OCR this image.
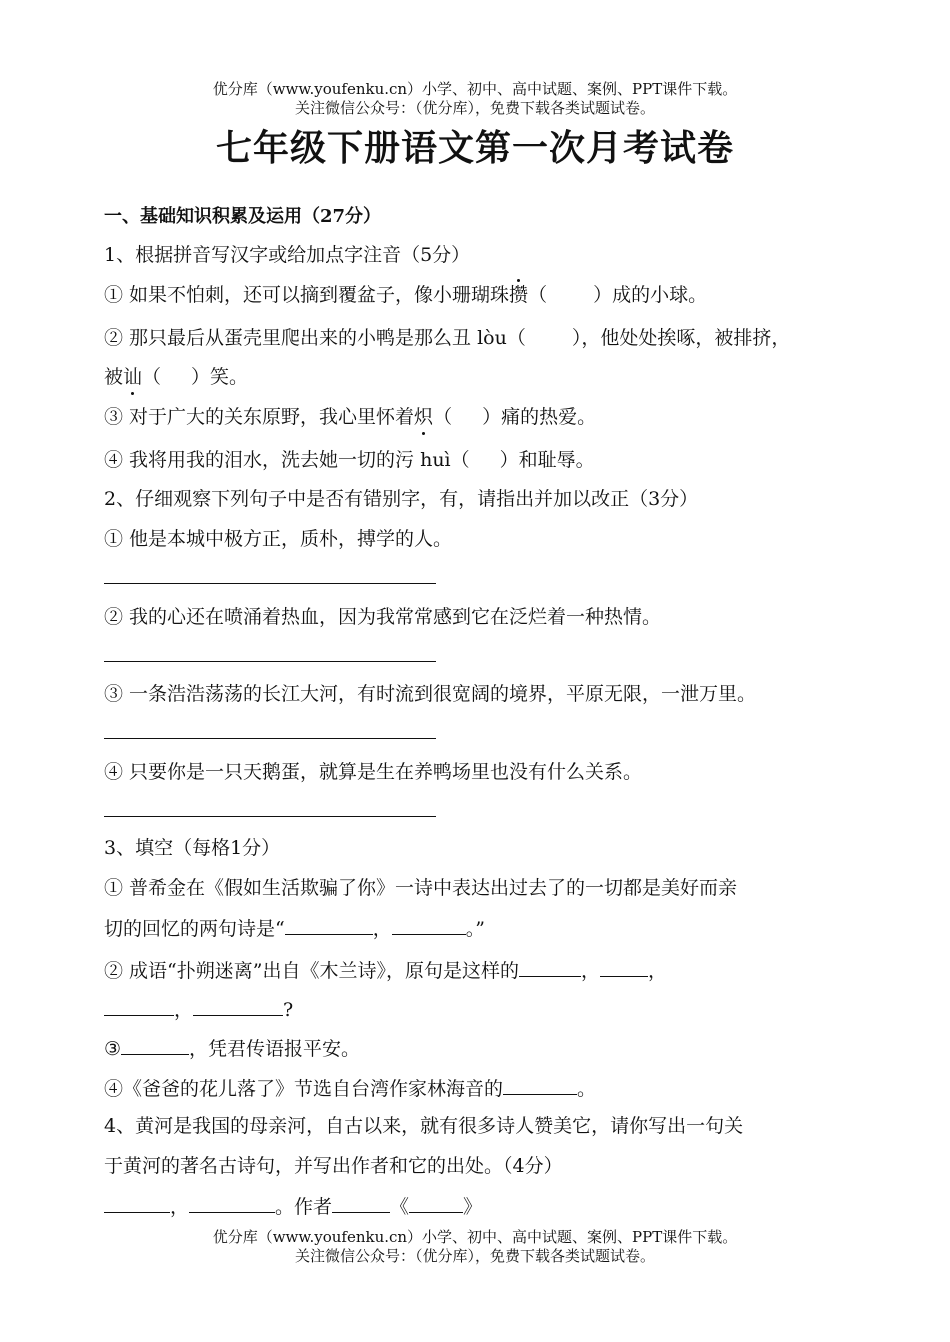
优分库（www.youfenku.cn）小学、初中、高中试题、案例、PPT课件下载。
关注微信公众号：（优分库），免费下载各类试题试卷。
七年级下册语文第一次月考试卷
一、基础知识积累及运用（27分）
1、根据拼音写汉字或给加点字注音（5分）
① 如果不怕刺，还可以摘到覆盆子，像小珊瑚珠攒（ ）成的小球。
② 那只最后从蛋壳里爬出来的小鸭是那么丑 lòu（ ），他处处挨啄，被排挤，
被讪（ ）笑。
③ 对于广大的关东原野，我心里怀着炽（ ）痛的热爱。
④ 我将用我的泪水，洗去她一切的污 huì（ ）和耻辱。
2、仔细观察下列句子中是否有错别字，有，请指出并加以改正（3分）
① 他是本城中极方正，质朴，搏学的人。
② 我的心还在喷涌着热血，因为我常常感到它在泛烂着一种热情。
③ 一条浩浩荡荡的长江大河，有时流到很宽阔的境界，平原无限，一泄万里。
④ 只要你是一只天鹅蛋，就算是生在养鸭场里也没有什么关系。
3、填空（每格1分）
① 普希金在《假如生活欺骗了你》一诗中表达出过去了的一切都是美好而亲
切的回忆的两句诗是“	，	。”
② 成语“扑朔迷离”出自《木兰诗》，原句是这样的	，	，
，	?
③	，凭君传语报平安。
④《爸爸的花儿落了》节选自台湾作家林海音的	。
4、黄河是我国的母亲河，自古以来，就有很多诗人赞美它，请你写出一句关
于黄河的著名古诗句，并写出作者和它的出处。（4分）
，	。作者	《	》
优分库（www.youfenku.cn）小学、初中、高中试题、案例、PPT课件下载。
关注微信公众号：（优分库），免费下载各类试题试卷。
